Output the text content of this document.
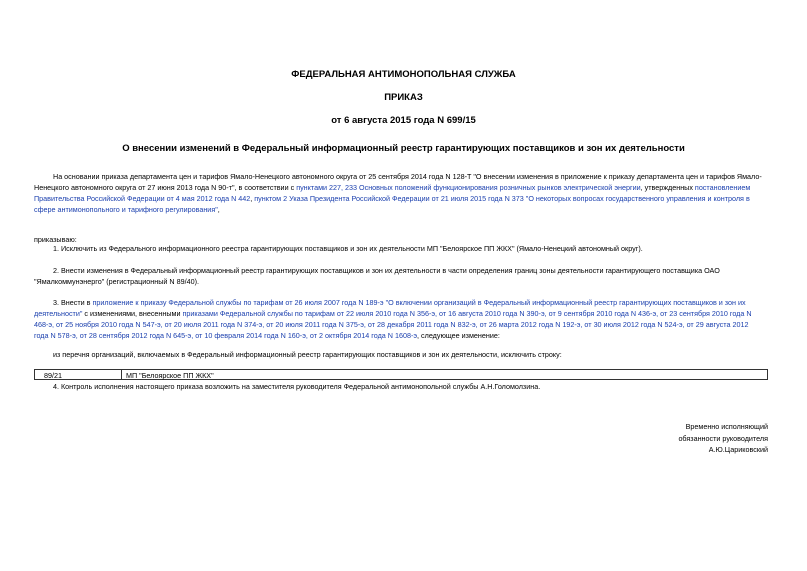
ФЕДЕРАЛЬНАЯ АНТИМОНОПОЛЬНАЯ СЛУЖБА
ПРИКАЗ
от 6 августа 2015 года N 699/15
О внесении изменений в Федеральный информационный реестр гарантирующих поставщиков и зон их деятельности
На основании приказа департамента цен и тарифов Ямало-Ненецкого автономного округа от 25 сентября 2014 года N 128-Т "О внесении изменения в приложение к приказу департамента цен и тарифов Ямало-
Ненецкого автономного округа от 27 июня 2013 года N 90-т", в соответствии с пунктами 227, 233 Основных положений функционирования розничных рынков электрической энергии, утвержденных постановлением
Правительства Российской Федерации от 4 мая 2012 года N 442, пунктом 2 Указа Президента Российской Федерации от 21 июля 2015 года N 373 "О некоторых вопросах государственного управления и контроля в
сфере антимонопольного и тарифного регулирования",
приказываю:
1. Исключить из Федерального информационного реестра гарантирующих поставщиков и зон их деятельности МП "Белоярское ПП ЖКХ" (Ямало-Ненецкий автономный округ).
2. Внести изменения в Федеральный информационный реестр гарантирующих поставщиков и зон их деятельности в части определения границ зоны деятельности гарантирующего поставщика ОАО
"Ямалкоммунэнерго" (регистрационный N 89/40).
3. Внести в приложение к приказу Федеральной службы по тарифам от 26 июля 2007 года N 189-э "О включении организаций в Федеральный информационный реестр гарантирующих поставщиков и зон их
деятельности" с изменениями, внесенными приказами Федеральной службы по тарифам от 22 июля 2010 года N 356-э, от 16 августа 2010 года N 390-э, от 9 сентября 2010 года N 436-э, от 23 сентября 2010 года N
468-э, от 25 ноября 2010 года N 547-э, от 20 июля 2011 года N 374-э, от 20 июля 2011 года N 375-э, от 28 декабря 2011 года N 832-э, от 26 марта 2012 года N 192-э, от 30 июля 2012 года N 524-э, от 29 августа 2012
года N 578-э, от 28 сентября 2012 года N 645-э, от 10 февраля 2014 года N 160-э, от 2 октября 2014 года N 1608-э, следующее изменение:
из перечня организаций, включаемых в Федеральный информационный реестр гарантирующих поставщиков и зон их деятельности, исключить строку:
89/21	МП "Белоярское ПП ЖКХ"
4. Контроль исполнения настоящего приказа возложить на заместителя руководителя Федеральной антимонопольной службы А.Н.Голомолзина.
Временно исполняющий
обязанности руководителя
А.Ю.Цариковский
